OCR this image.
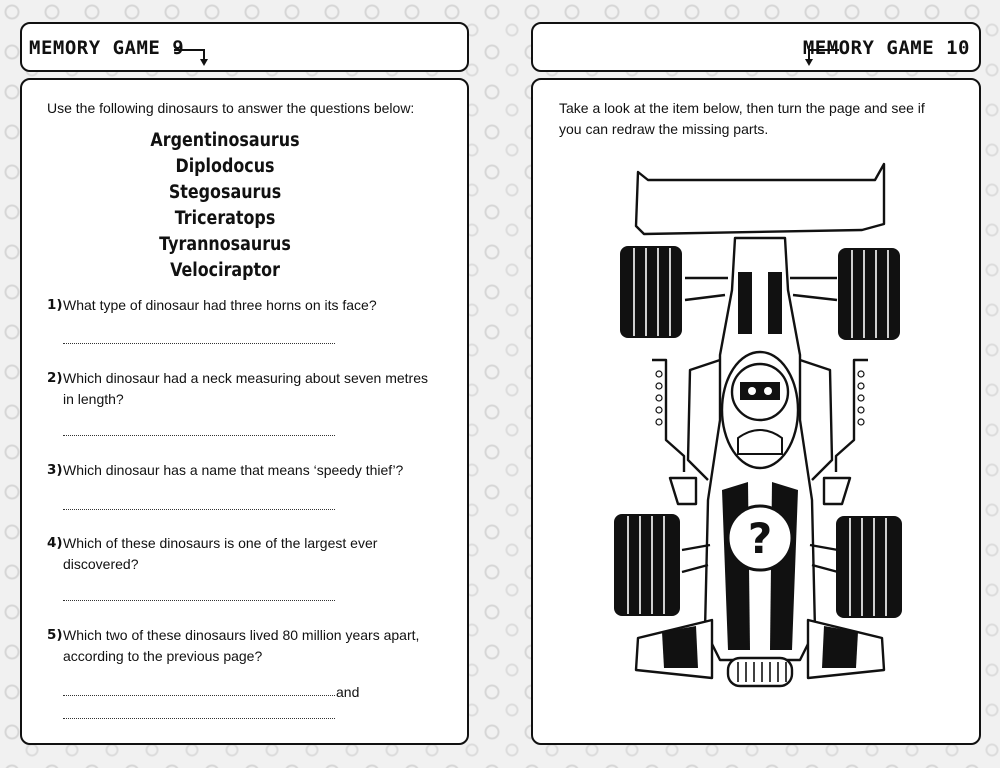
MEMORY GAME 9
Use the following dinosaurs to answer the questions below:
Argentinosaurus
Diplodocus
Stegosaurus
Triceratops
Tyrannosaurus
Velociraptor
1) What type of dinosaur had three horns on its face?
2) Which dinosaur had a neck measuring about seven metres
in length?
3) Which dinosaur has a name that means ‘speedy thief’?
4) Which of these dinosaurs is one of the largest ever
discovered?
5) Which two of these dinosaurs lived 80 million years apart,
according to the previous page?
and
MEMORY GAME 10
Take a look at the item below, then turn the page and see if
you can redraw the missing parts.
?
